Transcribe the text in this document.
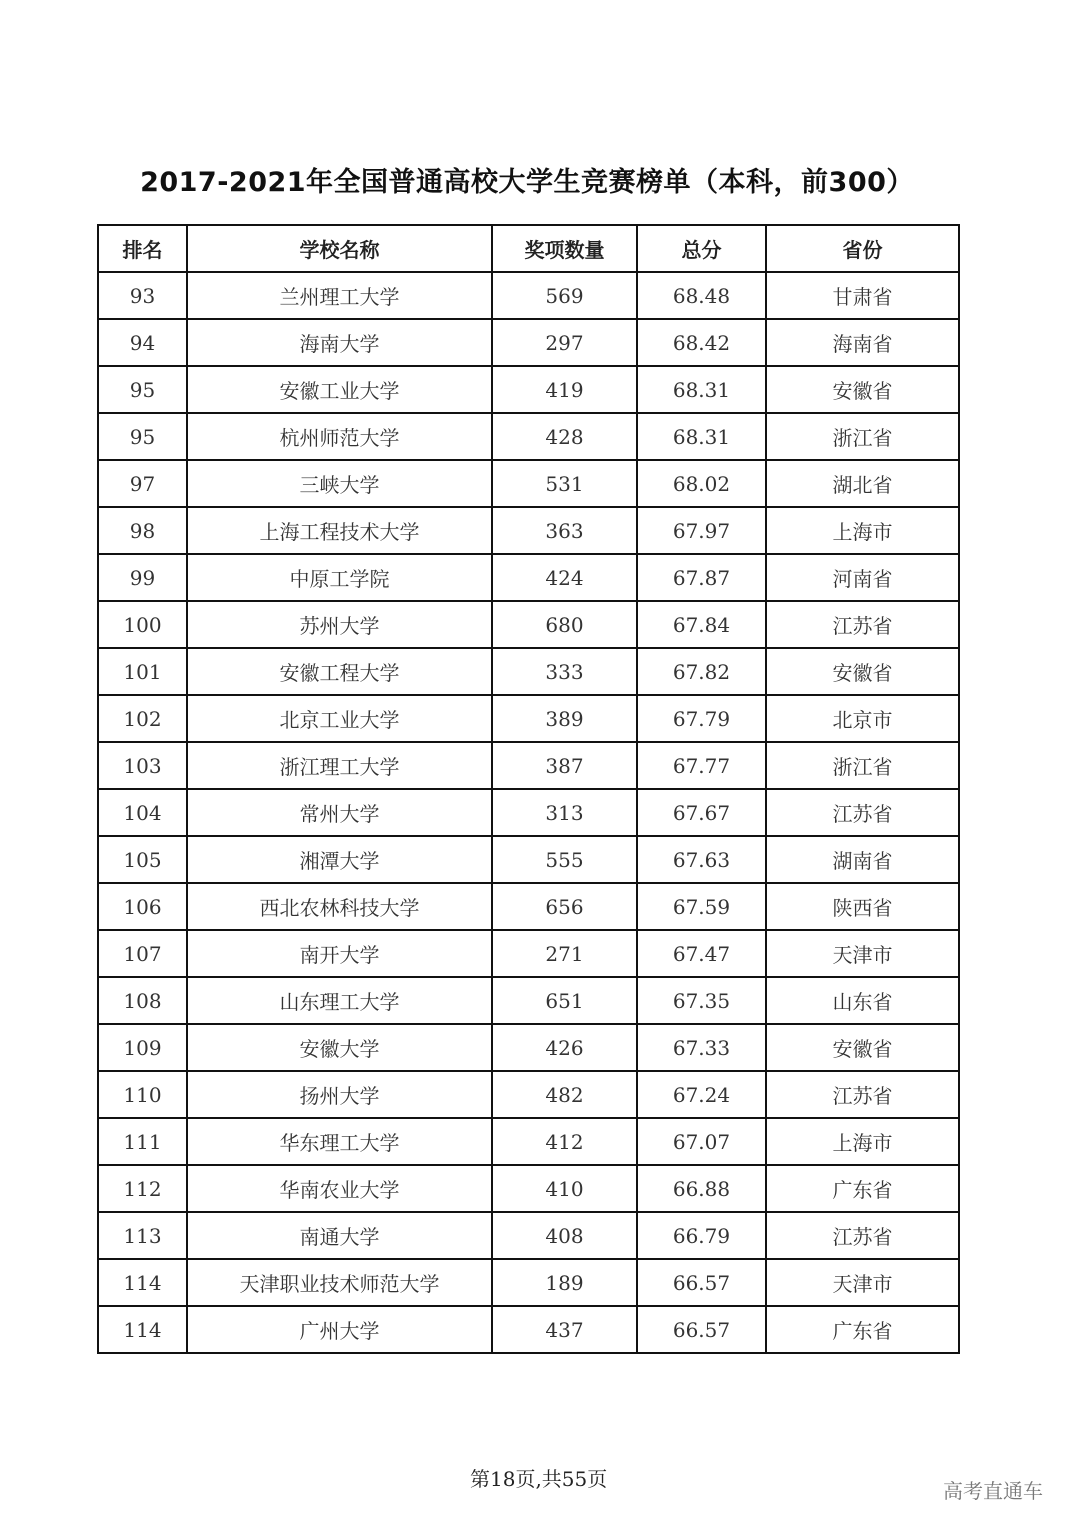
2017-2021年全国普通高校大学生竞赛榜单（本科，前300）
排名	学校名称	奖项数量	总分	省份
93	兰州理工大学	569	68.48	甘肃省
94	海南大学	297	68.42	海南省
95	安徽工业大学	419	68.31	安徽省
95	杭州师范大学	428	68.31	浙江省
97	三峡大学	531	68.02	湖北省
98	上海工程技术大学	363	67.97	上海市
99	中原工学院	424	67.87	河南省
100	苏州大学	680	67.84	江苏省
101	安徽工程大学	333	67.82	安徽省
102	北京工业大学	389	67.79	北京市
103	浙江理工大学	387	67.77	浙江省
104	常州大学	313	67.67	江苏省
105	湘潭大学	555	67.63	湖南省
106	西北农林科技大学	656	67.59	陕西省
107	南开大学	271	67.47	天津市
108	山东理工大学	651	67.35	山东省
109	安徽大学	426	67.33	安徽省
110	扬州大学	482	67.24	江苏省
111	华东理工大学	412	67.07	上海市
112	华南农业大学	410	66.88	广东省
113	南通大学	408	66.79	江苏省
114	天津职业技术师范大学	189	66.57	天津市
114	广州大学	437	66.57	广东省
第18页,共55页	高考直通车
